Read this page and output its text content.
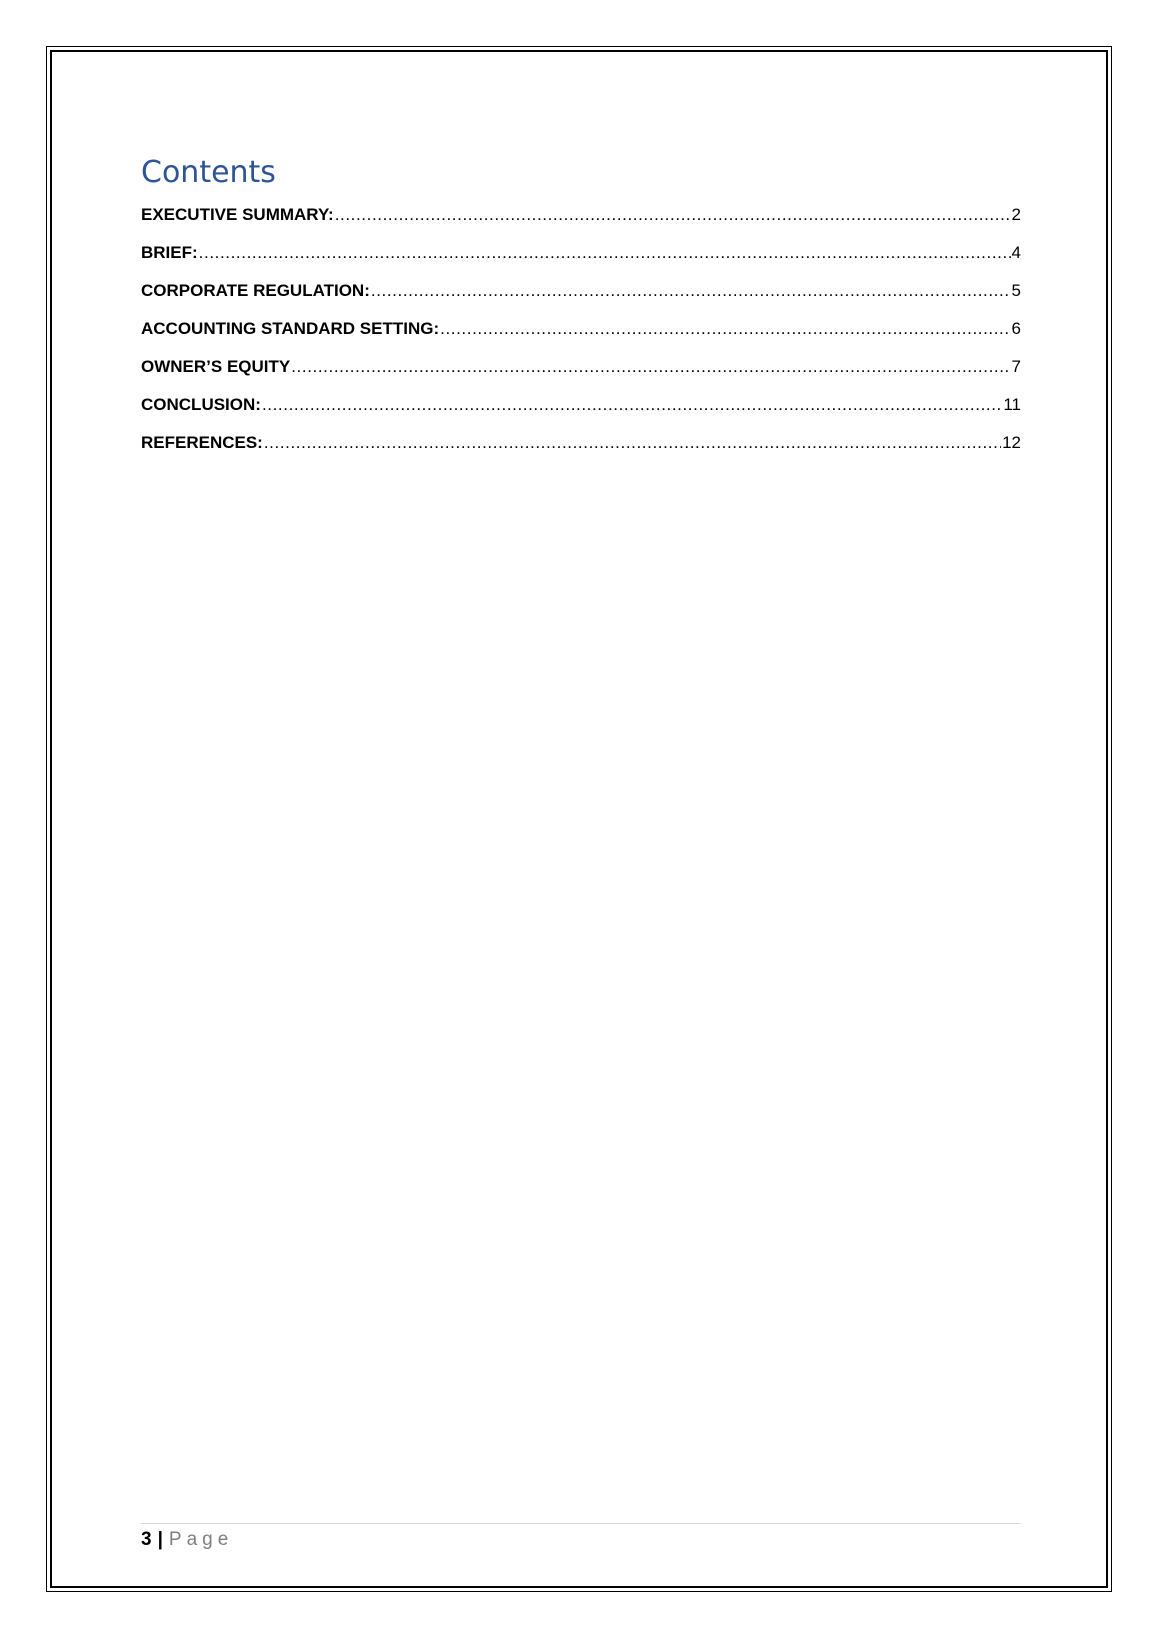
Contents
EXECUTIVE SUMMARY: .....	2
BRIEF: .....	4
CORPORATE REGULATION: .....	5
ACCOUNTING STANDARD SETTING: .....	6
OWNER’S EQUITY .....	7
CONCLUSION: .....	11
REFERENCES: .....	12
3 | Page
